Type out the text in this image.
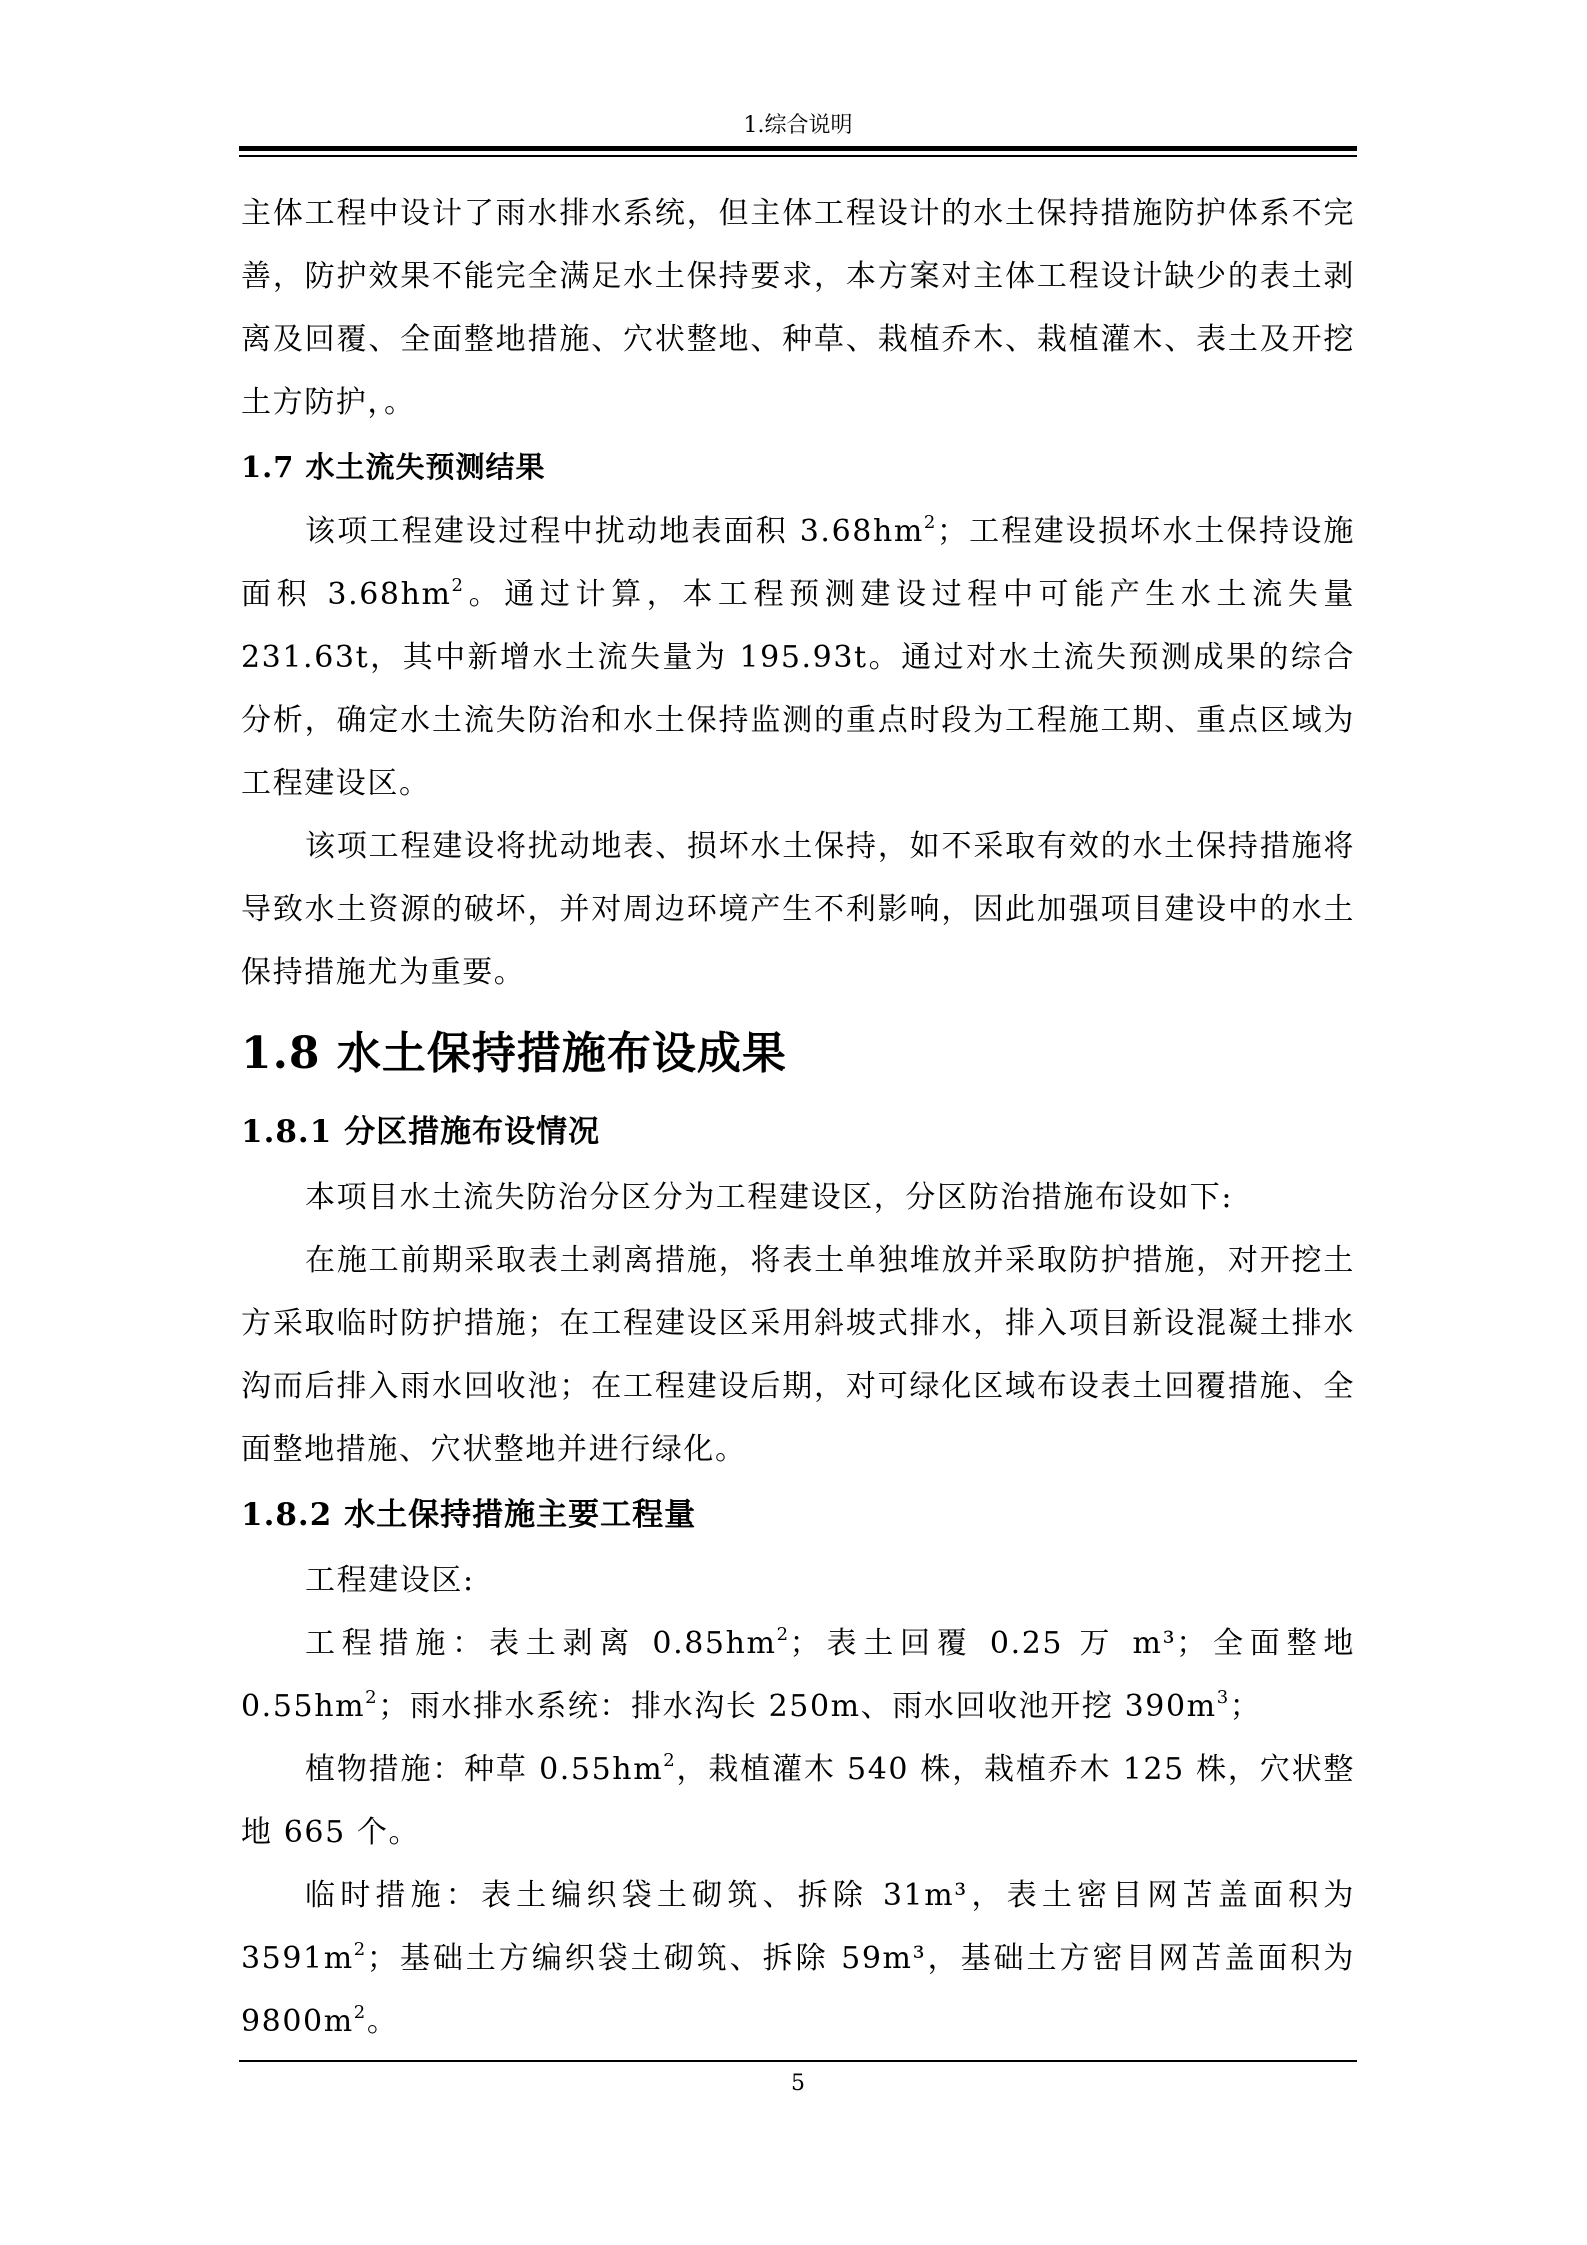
1.综合说明

主体工程中设计了雨水排水系统，但主体工程设计的水土保持措施防护体系不完善，防护效果不能完全满足水土保持要求，本方案对主体工程设计缺少的表土剥离及回覆、全面整地措施、穴状整地、种草、栽植乔木、栽植灌木、表土及开挖土方防护，。

1.7 水土流失预测结果

该项工程建设过程中扰动地表面积 $3.68hm^2$；工程建设损坏水土保持设施面积 $3.68hm^2$。通过计算，本工程预测建设过程中可能产生水土流失量 231.63t，其中新增水土流失量为 195.93t。通过对水土流失预测成果的综合分析，确定水土流失防治和水土保持监测的重点时段为工程施工期、重点区域为工程建设区。

该项工程建设将扰动地表、损坏水土保持，如不采取有效的水土保持措施将导致水土资源的破坏，并对周边环境产生不利影响，因此加强项目建设中的水土保持措施尤为重要。

1.8 水土保持措施布设成果
1.8.1 分区措施布设情况

本项目水土流失防治分区分为工程建设区，分区防治措施布设如下:

在施工前期采取表土剥离措施，将表土单独堆放并采取防护措施，对开挖土方采取临时防护措施；在工程建设区采用斜坡式排水，排入项目新设混凝土排水沟而后排入雨水回收池；在工程建设后期，对可绿化区域布设表土回覆措施、全面整地措施、穴状整地并进行绿化。

1.8.2 水土保持措施主要工程量

工程建设区:

工程措施：表土剥离 $0.85hm^2$；表土回覆 0.25 万 m³；全面整地 $0.55hm^2$；雨水排水系统：排水沟长 250m、雨水回收池开挖 $390m^3$；

植物措施：种草 $0.55hm^2$，栽植灌木 540 株，栽植乔木 125 株，穴状整地 665 个。

临时措施：表土编织袋土砌筑、拆除 31m³，表土密目网苫盖面积为 $3591m^2$；基础土方编织袋土砌筑、拆除 59m³，基础土方密目网苫盖面积为 $9800m^2$。

5
